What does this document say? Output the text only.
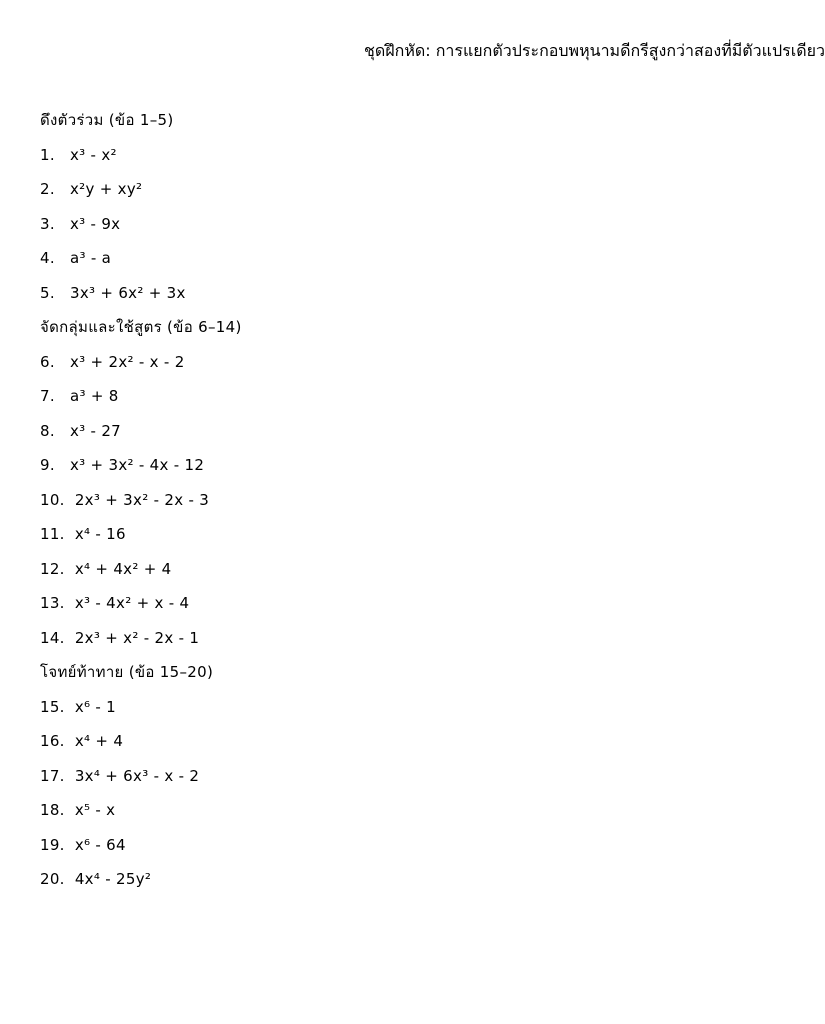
ชุดฝึกหัด: การแยกตัวประกอบพหุนามดีกรีสูงกว่าสองที่มีตัวแปรเดียว
ดึงตัวร่วม (ข้อ 1–5)
1. x³ - x²
2. x²y + xy²
3. x³ - 9x
4. a³ - a
5. 3x³ + 6x² + 3x
จัดกลุ่มและใช้สูตร (ข้อ 6–14)
6. x³ + 2x² - x - 2
7. a³ + 8
8. x³ - 27
9. x³ + 3x² - 4x - 12
10. 2x³ + 3x² - 2x - 3
11. x⁴ - 16
12. x⁴ + 4x² + 4
13. x³ - 4x² + x - 4
14. 2x³ + x² - 2x - 1
โจทย์ท้าทาย (ข้อ 15–20)
15. x⁶ - 1
16. x⁴ + 4
17. 3x⁴ + 6x³ - x - 2
18. x⁵ - x
19. x⁶ - 64
20. 4x⁴ - 25y²
